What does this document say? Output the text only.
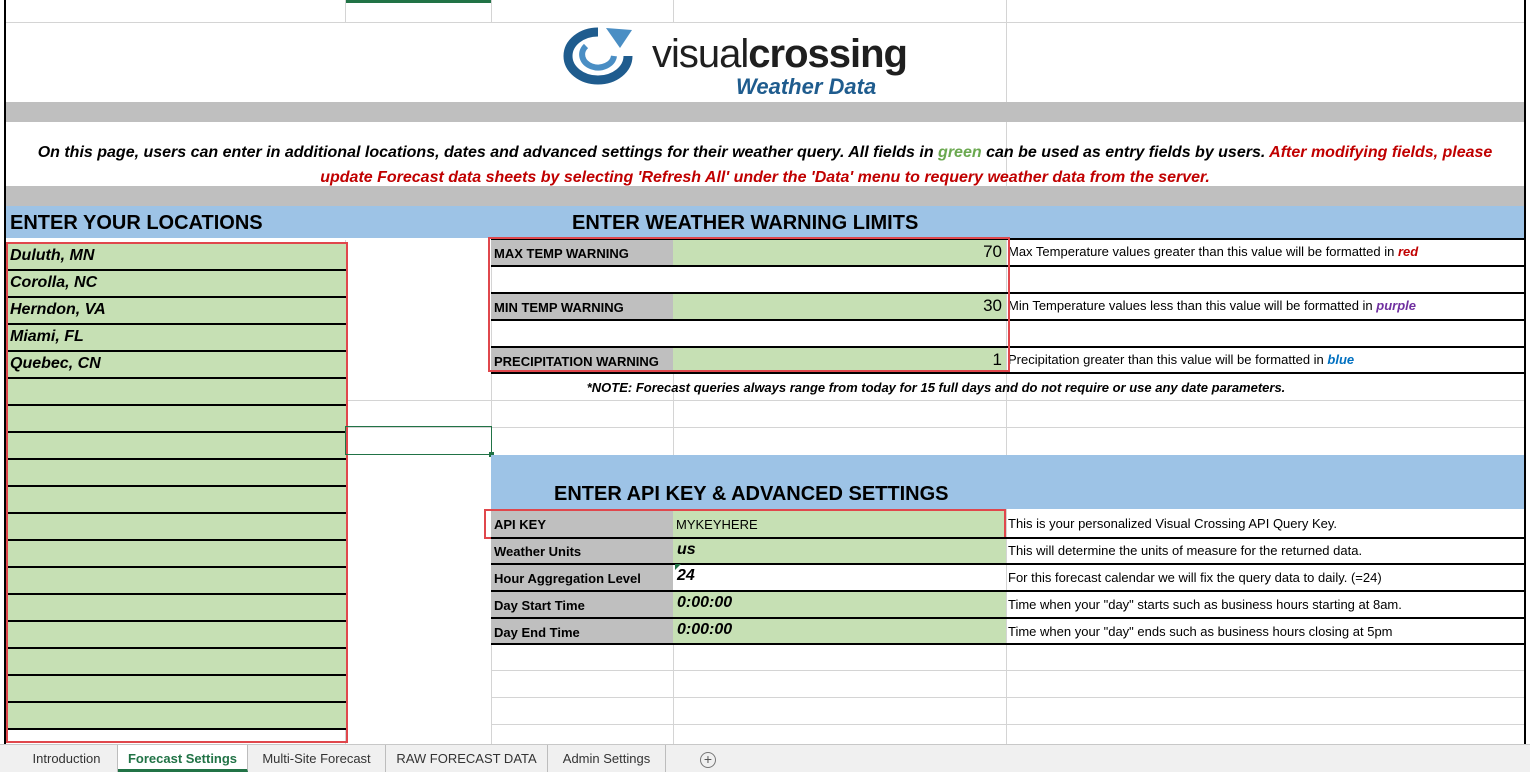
visualcrossing
Weather Data
On this page, users can enter in additional locations, dates and advanced settings for their weather query. All fields in green can be used as entry fields by users. After modifying fields, please
update Forecast data sheets by selecting 'Refresh All' under the 'Data' menu to requery weather data from the server.
ENTER YOUR LOCATIONS	ENTER WEATHER WARNING LIMITS
Duluth, MN
Corolla, NC
Herndon, VA
Miami, FL
Quebec, CN
MAX TEMP WARNING	70 Max Temperature values greater than this value will be formatted in red
MIN TEMP WARNING	30 Min Temperature values less than this value will be formatted in purple
PRECIPITATION WARNING	1 Precipitation greater than this value will be formatted in blue
*NOTE: Forecast queries always range from today for 15 full days and do not require or use any date parameters.
ENTER API KEY & ADVANCED SETTINGS
API KEY	MYKEYHERE	This is your personalized Visual Crossing API Query Key.
Weather Units	us	This will determine the units of measure for the returned data.
Hour Aggregation Level	24	For this forecast calendar we will fix the query data to daily. (=24)
Day Start Time	0:00:00	Time when your "day" starts such as business hours starting at 8am.
Day End Time	0:00:00	Time when your "day" ends such as business hours closing at 5pm
Introduction	Forecast Settings	Multi-Site Forecast	RAW FORECAST DATA	Admin Settings	+
